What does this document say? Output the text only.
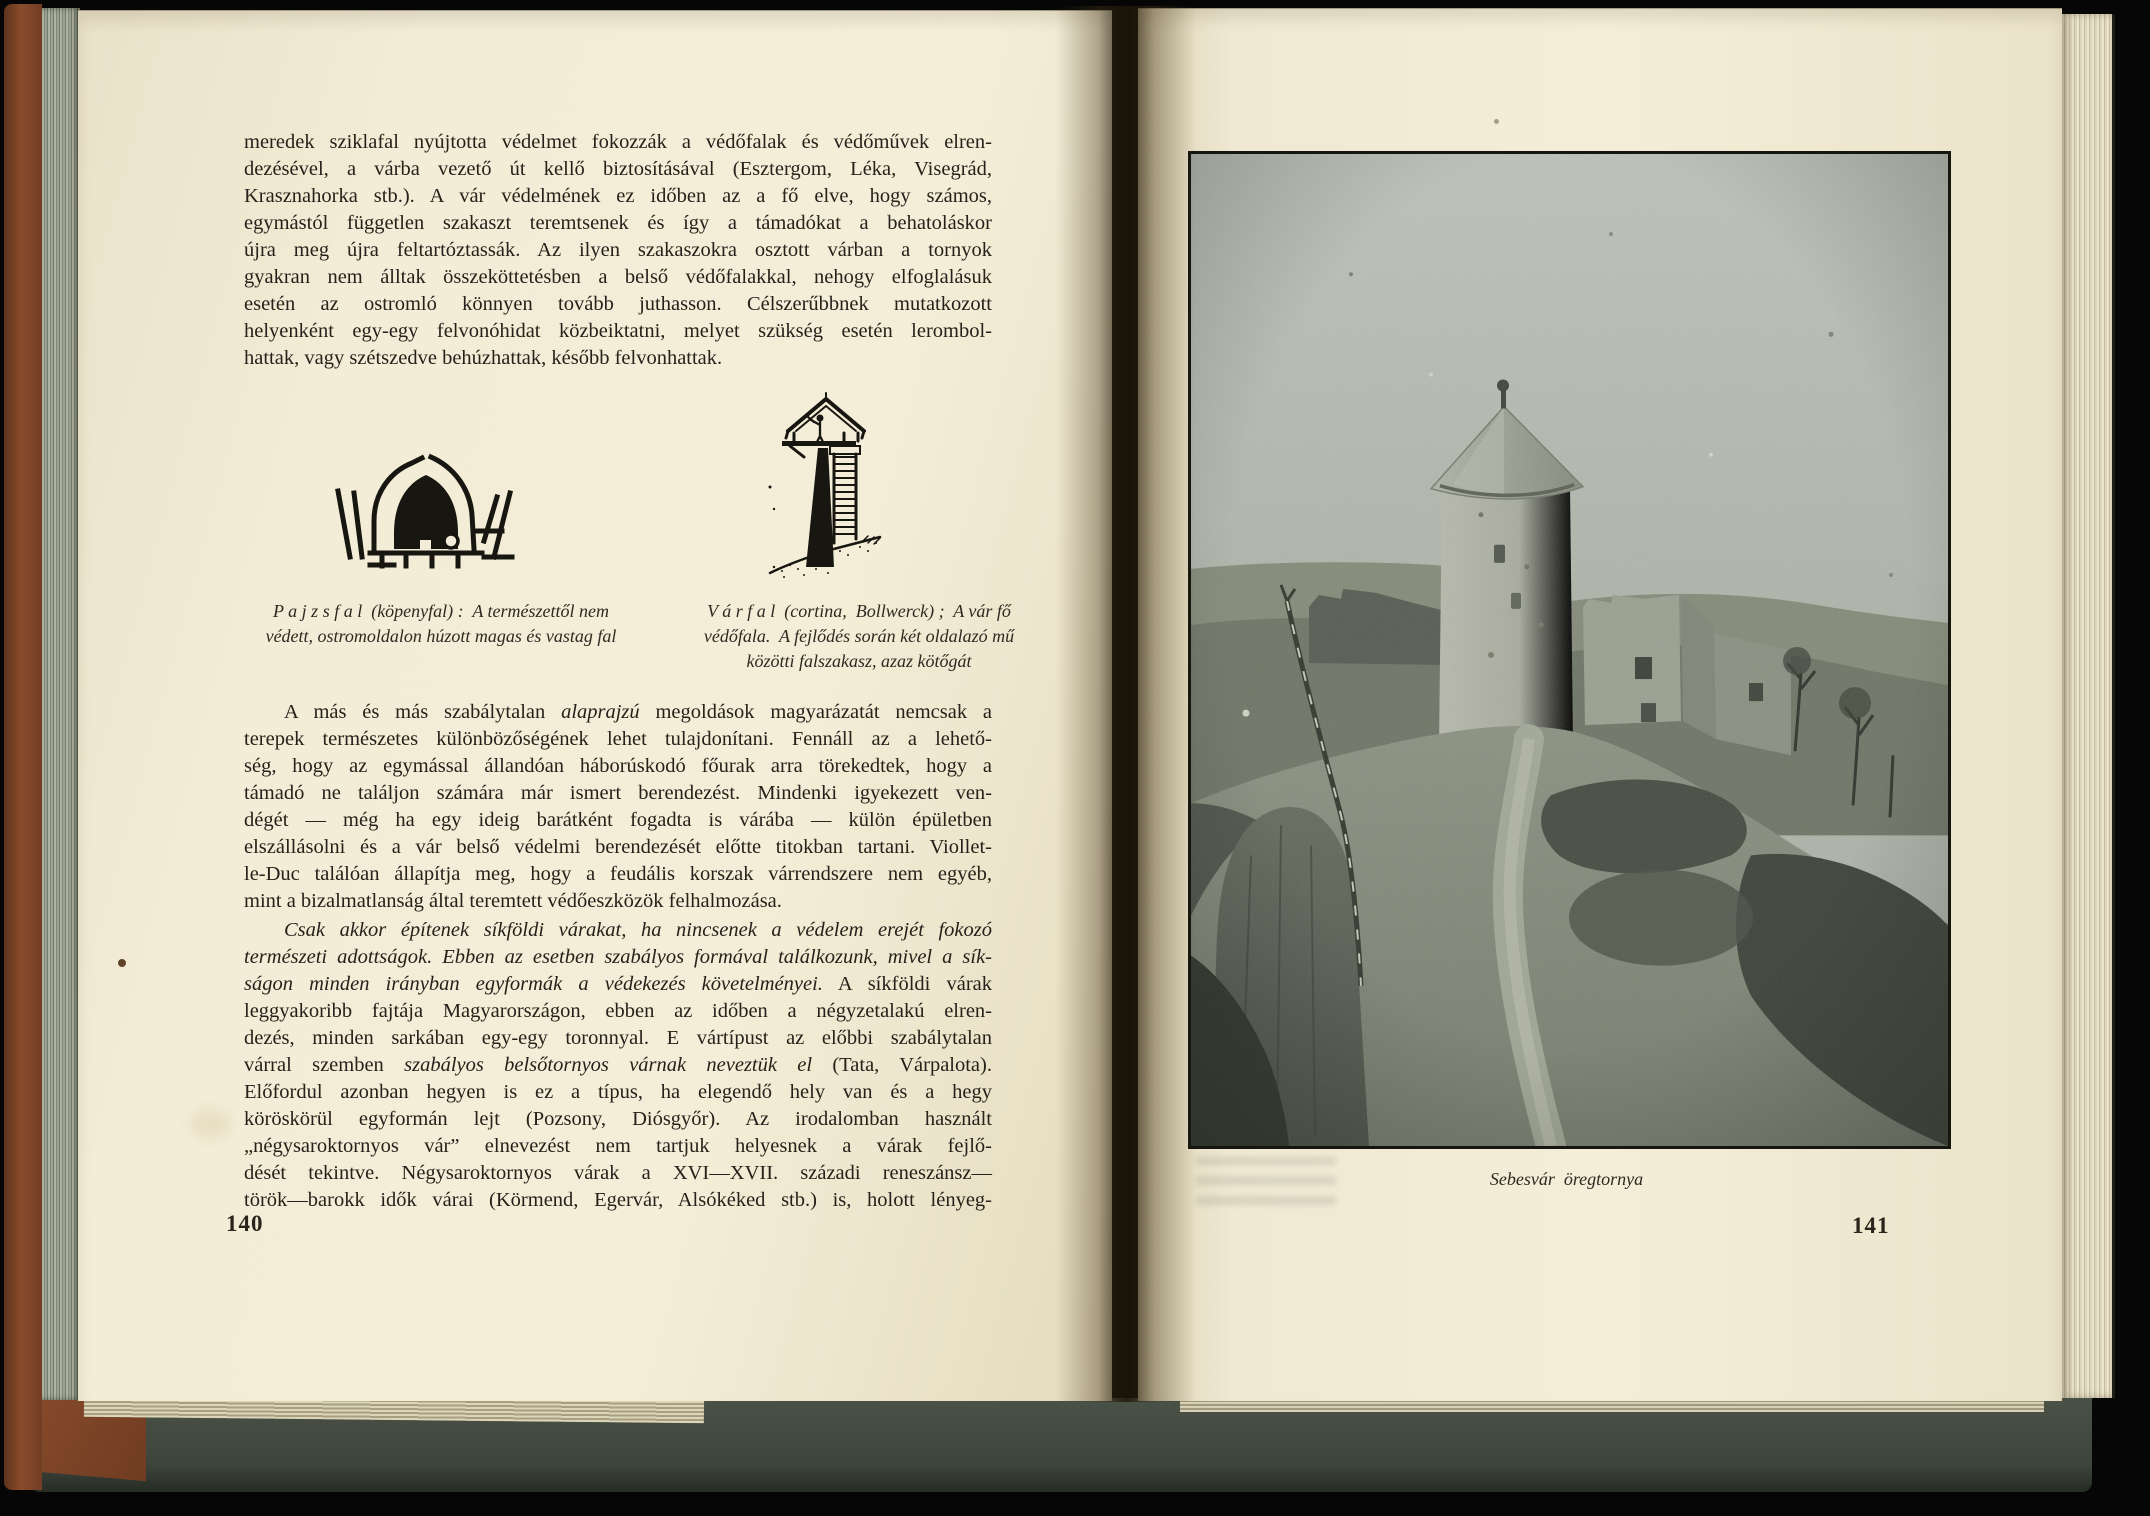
meredek sziklafal nyújtotta védelmet fokozzák a védőfalak és védőművek elren-
dezésével, a várba vezető út kellő biztosításával (Esztergom, Léka, Visegrád,
Krasznahorka stb.). A vár védelmének ez időben az a fő elve, hogy számos,
egymástól független szakaszt teremtsenek és így a támadókat a behatoláskor
újra meg újra feltartóztassák. Az ilyen szakaszokra osztott várban a tornyok
gyakran nem álltak összeköttetésben a belső védőfalakkal, nehogy elfoglalásuk
esetén az ostromló könnyen tovább juthasson. Célszerűbbnek mutatkozott
helyenként egy-egy felvonóhidat közbeiktatni, melyet szükség esetén lerombol-
hattak, vagy szétszedve behúzhattak, később felvonhattak.
P a j z s f a l  (köpenyfal) :  A természettől nem
védett, ostromoldalon húzott magas és vastag fal
V á r f a l  (cortina,  Bollwerck) ;  A vár fő
védőfala.  A fejlődés során két oldalazó mű
közötti falszakasz, azaz kötőgát
A más és más szabálytalan alaprajzú megoldások magyarázatát nemcsak a
terepek természetes különbözőségének lehet tulajdonítani. Fennáll az a lehető-
ség, hogy az egymással állandóan háborúskodó főurak arra törekedtek, hogy a
támadó ne találjon számára már ismert berendezést. Mindenki igyekezett ven-
dégét — még ha egy ideig barátként fogadta is várába — külön épületben
elszállásolni és a vár belső védelmi berendezését előtte titokban tartani. Viollet-
le-Duc találóan állapítja meg, hogy a feudális korszak várrendszere nem egyéb,
mint a bizalmatlanság által teremtett védőeszközök felhalmozása.
Csak akkor építenek síkföldi várakat, ha nincsenek a védelem erejét fokozó
természeti adottságok. Ebben az esetben szabályos formával találkozunk, mivel a sík-
ságon minden irányban egyformák a védekezés követelményei. A síkföldi várak
leggyakoribb fajtája Magyarországon, ebben az időben a négyzetalakú elren-
dezés, minden sarkában egy-egy toronnyal. E vártípust az előbbi szabálytalan
várral szemben szabályos belsőtornyos várnak neveztük el (Tata, Várpalota).
Előfordul azonban hegyen is ez a típus, ha elegendő hely van és a hegy
köröskörül egyformán lejt (Pozsony, Diósgyőr). Az irodalomban használt
„négysaroktornyos vár” elnevezést nem tartjuk helyesnek a várak fejlő-
dését tekintve. Négysaroktornyos várak a XVI—XVII. századi reneszánsz—
török—barokk idők várai (Körmend, Egervár, Alsókéked stb.) is, holott lényeg-
140
Sebesvár  öregtornya
141
